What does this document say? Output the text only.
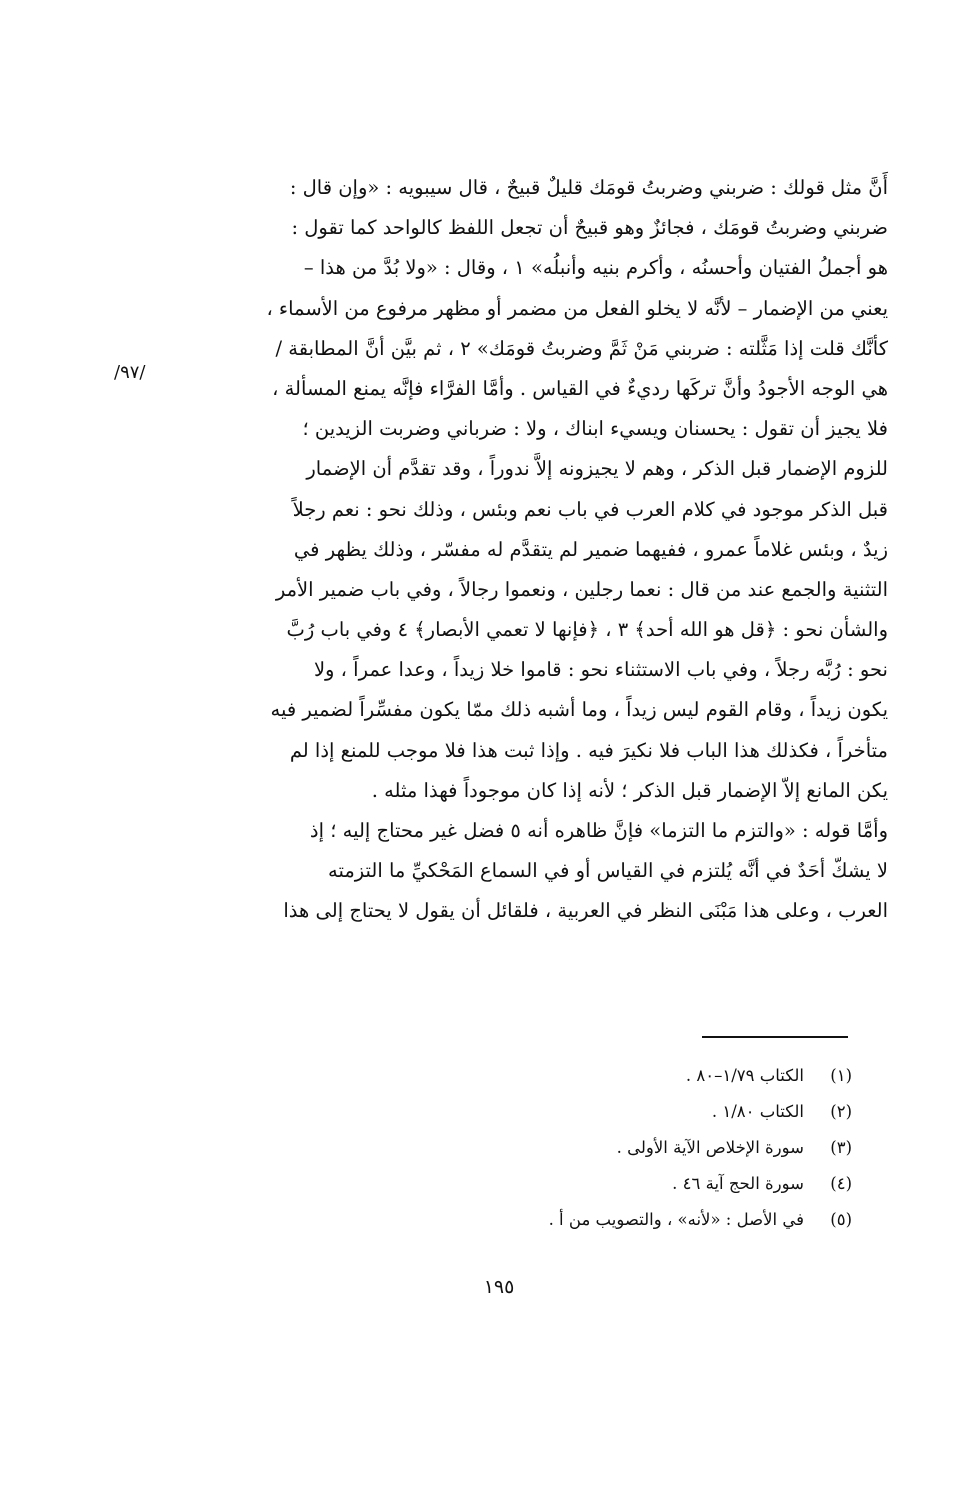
أَنَّ مثل قولك : ضربني وضربتُ قومَك قليلٌ قبيحٌ ، قال سيبويه : «وإن قال :
ضربني وضربتُ قومَك ، فجائزٌ وهو قبيحٌ أن تجعل اللفظ كالواحد كما تقول :
هو أجملُ الفتيان وأحسنُه ، وأكرم بنيه وأنبلُه» ١ ، وقال : «ولا بُدَّ من هذا –
يعني من الإضمار – لأنَّه لا يخلو الفعل من مضمر أو مظهر مرفوع من الأسماء ،
كأنَّك قلت إذا مَثَّلته : ضربني مَنْ ثَمَّ وضربتُ قومَك» ٢ ، ثم بيَّن أنَّ المطابقة /
هي الوجه الأجودُ وأنَّ تركَها رديءٌ في القياس . وأمَّا الفرَّاء فإنَّه يمنع المسألة ،
فلا يجيز أن تقول : يحسنان ويسيء ابناك ، ولا : ضرباني وضربت الزيدين ؛
للزوم الإضمار قبل الذكر ، وهم لا يجيزونه إلاَّ ندوراً ، وقد تقدَّم أن الإضمار
قبل الذكر موجود في كلام العرب في باب نعم وبئس ، وذلك نحو : نعم رجلاً
زيدٌ ، وبئس غلاماً عمرو ، ففيهما ضمير لم يتقدَّم له مفسّر ، وذلك يظهر في
التثنية والجمع عند من قال : نعما رجلين ، ونعموا رجالاً ، وفي باب ضمير الأمر
والشأن نحو : ﴿قل هو الله أحد﴾ ٣ ، ﴿فإنها لا تعمي الأبصار﴾ ٤ وفي باب رُبَّ
نحو : رُبَّه رجلاً ، وفي باب الاستثناء نحو : قاموا خلا زيداً ، وعدا عمراً ، ولا
يكون زيداً ، وقام القوم ليس زيداً ، وما أشبه ذلك ممّا يكون مفسِّراً لضمير فيه
متأخراً ، فكذلك هذا الباب فلا نكيرَ فيه . وإذا ثبت هذا فلا موجب للمنع إذا لم
يكن المانع إلاّ الإضمار قبل الذكر ؛ لأنه إذا كان موجوداً فهذا مثله .
وأمَّا قوله : «والتزم ما التزما» فإنَّ ظاهره أنه ٥ فضل غير محتاج إليه ؛ إذ
لا يشكّ أحَدٌ في أنَّه يُلتزم في القياس أو في السماع المَحْكيِّ ما التزمته
العرب ، وعلى هذا مَبْنَى النظر في العربية ، فلقائل أن يقول لا يحتاج إلى هذا
/٩٧/
(١)
الكتاب ١/٧٩–٨٠ .
(٢)
الكتاب ١/٨٠ .
(٣)
سورة الإخلاص الآية الأولى .
(٤)
سورة الحج آية ٤٦ .
(٥)
في الأصل : «لأنه» ، والتصويب من أ .
١٩٥
